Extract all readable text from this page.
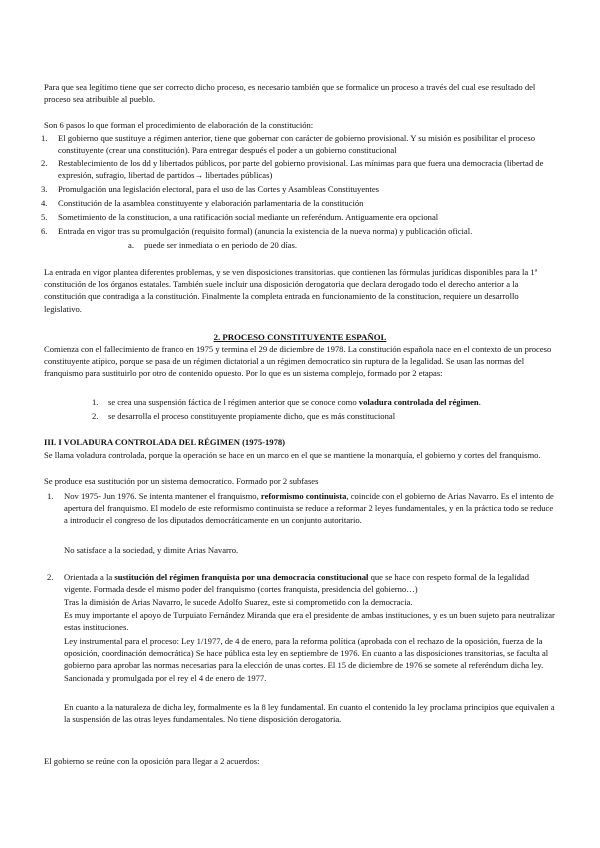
Para que sea legítimo tiene que ser correcto dicho proceso, es necesario también que se formalice un proceso a través del cual ese resultado del proceso sea atribuible al pueblo.

Son 6 pasos lo que forman el procedimiento de elaboración de la constitución:

1. El gobierno que sustituye a régimen anterior, tiene que gobernar con carácter de gobierno provisional. Y su misión es posibilitar el proceso constituyente (crear una constitución). Para entregar después el poder a un gobierno constitucional

2. Restablecimiento de los dd y libertados públicos, por parte del gobierno provisional. Las mínimas para que fuera una democracia (libertad de expresión, sufragio, libertad de partidos→ libertades públicas)

3. Promulgación una legislación electoral, para el uso de las Cortes y Asambleas Constituyentes

4. Constitución de la asamblea constituyente y elaboración parlamentaria de la constitución

5. Sometimiento de la constitucion, a una ratificación social mediante un referéndum. Antiguamente era opcional

6. Entrada en vigor tras su promulgación (requisito formal) (anuncia la existencia de la nueva norma) y publicación oficial.

a. puede ser inmediata o en periodo de 20 días.

La entrada en vigor plantea diferentes problemas, y se ven disposiciones transitorias. que contienen las fórmulas jurídicas disponibles para la 1ª constitución de los órganos estatales. También suele incluir una disposición derogatoria que declara derogado todo el derecho anterior a la constitución que contradiga a la constitución. Finalmente la completa entrada en funcionamiento de la constitucion, requiere un desarrollo legislativo.

2. PROCESO CONSTITUYENTE ESPAÑOL

Comienza con el fallecimiento de franco en 1975 y termina el 29 de diciembre de 1978. La constitución española nace en el contexto de un proceso constituyente atípico, porque se pasa de un régimen dictatorial a un régimen democratico sin ruptura de la legalidad. Se usan las normas del franquismo para sustituirlo por otro de contenido opuesto. Por lo que es un sistema complejo, formado por 2 etapas:

1. se crea una suspensión fáctica de l régimen anterior que se conoce como voladura controlada del régimen.

2. se desarrolla el proceso constituyente propiamente dicho, que es más constitucional

III. I VOLADURA CONTROLADA DEL RÉGIMEN (1975-1978)

Se llama voladura controlada, porque la operación se hace en un marco en el que se mantiene la monarquía, el gobierno y cortes del franquismo.

Se produce esa sustitución por un sistema democratico. Formado por 2 subfases

1. Nov 1975- Jun 1976. Se intenta mantener el franquismo, reformismo continuista, coincide con el gobierno de Arias Navarro. Es el intento de apertura del franquismo. El modelo de este reformismo continuista se reduce a reformar 2 leyes fundamentales, y en la práctica todo se reduce a introducir el congreso de los diputados democráticamente en un conjunto autoritario.

No satisface a la sociedad, y dimite Arias Navarro.

2. Orientada a la sustitución del régimen franquista por una democracia constitucional que se hace con respeto formal de la legalidad vigente. Formada desde el mismo poder del franquismo (cortes franquista, presidencia del gobierno…)

Tras la dimisión de Arias Navarro, le sucede Adolfo Suarez, este si comprometido con la democracia.

Es muy importante el apoyo de Turpuiato Fernández Miranda que era el presidente de ambas instituciones, y es un buen sujeto para neutralizar estas instituciones.

Ley instrumental para el proceso: Ley 1/1977, de 4 de enero, para la reforma política (aprobada con el rechazo de la oposición, fuerza de la oposición, coordinación democrática) Se hace pública esta ley en septiembre de 1976. En cuanto a las disposiciones transitorias, se faculta al gobierno para aprobar las normas necesarias para la elección de unas cortes. El 15 de diciembre de 1976 se somete al referéndum dicha ley. Sancionada y promulgada por el rey el 4 de enero de 1977.

En cuanto a la naturaleza de dicha ley, formalmente es la 8 ley fundamental. En cuanto el contenido la ley proclama principios que equivalen a la suspensión de las otras leyes fundamentales. No tiene disposición derogatoria.

El gobierno se reúne con la oposición para llegar a 2 acuerdos:
